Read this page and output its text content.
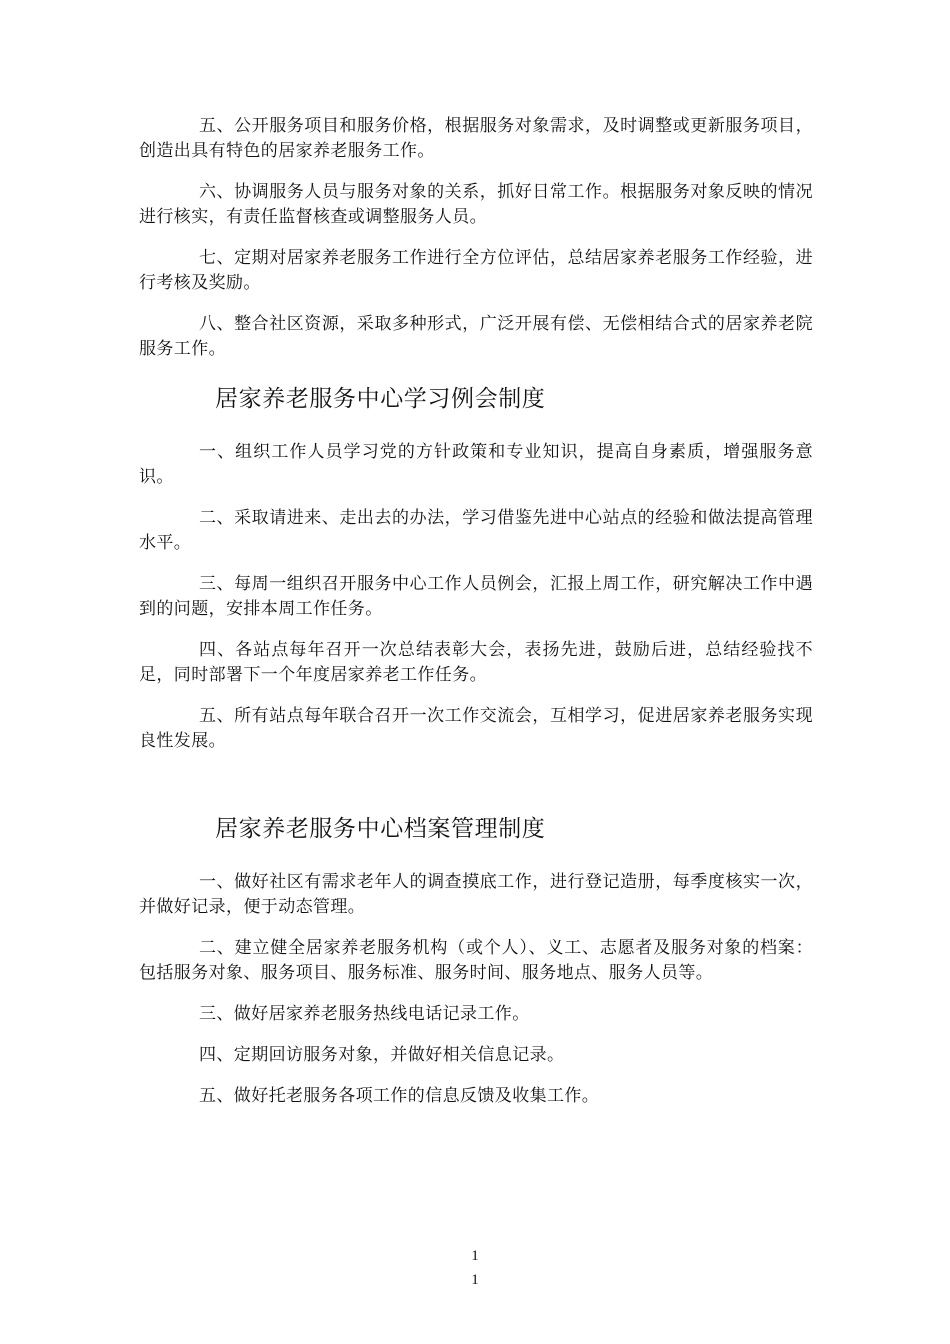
五、公开服务项目和服务价格，根据服务对象需求，及时调整或更新服务项目，创造出具有特色的居家养老服务工作。

六、协调服务人员与服务对象的关系，抓好日常工作。根据服务对象反映的情况进行核实，有责任监督核查或调整服务人员。

七、定期对居家养老服务工作进行全方位评估，总结居家养老服务工作经验，进行考核及奖励。

八、整合社区资源，采取多种形式，广泛开展有偿、无偿相结合式的居家养老院服务工作。

居家养老服务中心学习例会制度

一、组织工作人员学习党的方针政策和专业知识，提高自身素质，增强服务意识。

二、采取请进来、走出去的办法，学习借鉴先进中心站点的经验和做法提高管理水平。

三、每周一组织召开服务中心工作人员例会，汇报上周工作，研究解决工作中遇到的问题，安排本周工作任务。

四、各站点每年召开一次总结表彰大会，表扬先进，鼓励后进，总结经验找不足，同时部署下一个年度居家养老工作任务。

五、所有站点每年联合召开一次工作交流会，互相学习，促进居家养老服务实现良性发展。

居家养老服务中心档案管理制度

一、做好社区有需求老年人的调查摸底工作，进行登记造册，每季度核实一次，并做好记录，便于动态管理。

二、建立健全居家养老服务机构（或个人）、义工、志愿者及服务对象的档案：包括服务对象、服务项目、服务标准、服务时间、服务地点、服务人员等。

三、做好居家养老服务热线电话记录工作。

四、定期回访服务对象，并做好相关信息记录。

五、做好托老服务各项工作的信息反馈及收集工作。

1
1
